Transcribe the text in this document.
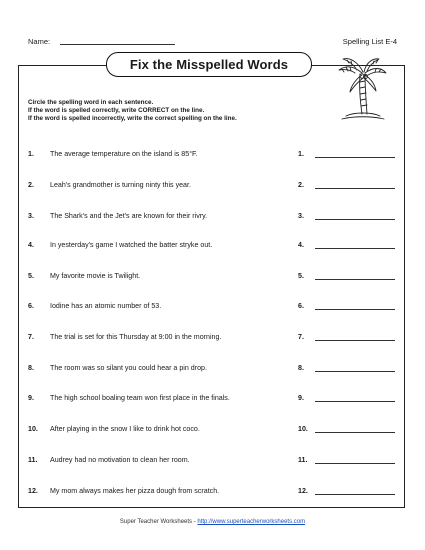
Name:	Spelling List E-4
Fix the Misspelled Words
Circle the spelling word in each sentence.
If the word is spelled correctly, write CORRECT on the line.
If the word is spelled incorrectly, write the correct spelling on the line.
1. The average temperature on the island is 85°F.	1.
2. Leah's grandmother is turning ninty this year.	2.
3. The Shark's and the Jet's are known for their rivry.	3.
4. In yesterday's game I watched the batter stryke out.	4.
5. My favorite movie is Twilight.	5.
6. Iodine has an atomic number of 53.	6.
7. The trial is set for this Thursday at 9:00 in the morning.	7.
8. The room was so silant you could hear a pin drop.	8.
9. The high school boaling team won first place in the finals.	9.
10. After playing in the snow I like to drink hot coco.	10.
11. Audrey had no motivation to clean her room.	11.
12. My mom always makes her pizza dough from scratch.	12.
Super Teacher Worksheets - http://www.superteacherworksheets.com
